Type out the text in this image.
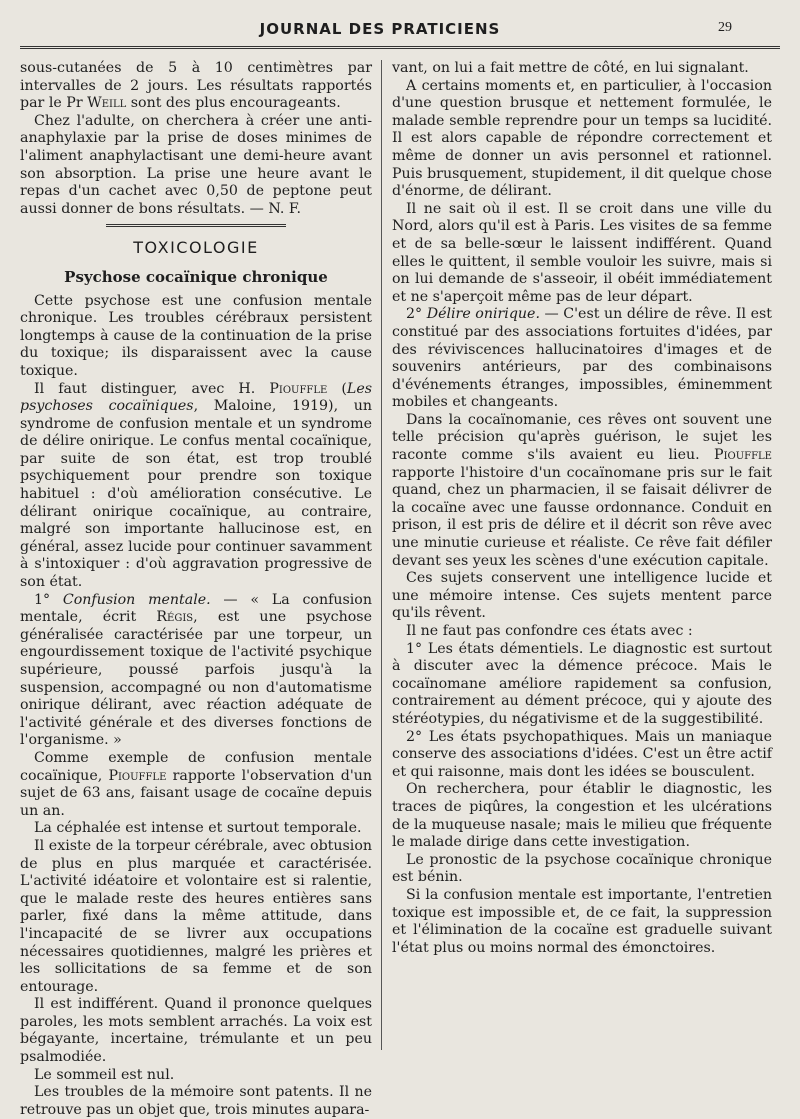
JOURNAL DES PRATICIENS	29

sous-cutanées de 5 à 10 centimètres par intervalles de 2 jours. Les résultats rapportés par le Pr Weill sont des plus encourageants.

Chez l'adulte, on cherchera à créer une anti-anaphylaxie par la prise de doses minimes de l'aliment anaphylactisant une demi-heure avant son absorption. La prise une heure avant le repas d'un cachet avec 0,50 de peptone peut aussi donner de bons résultats. — N. F.

TOXICOLOGIE

Psychose cocaïnique chronique

Cette psychose est une confusion mentale chronique. Les troubles cérébraux persistent longtemps à cause de la continuation de la prise du toxique; ils disparaissent avec la cause toxique.

Il faut distinguer, avec H. Piouffle (Les psychoses cocaïniques, Maloine, 1919), un syndrome de confusion mentale et un syndrome de délire onirique. Le confus mental cocaïnique, par suite de son état, est trop troublé psychiquement pour prendre son toxique habituel : d'où amélioration consécutive. Le délirant onirique cocaïnique, au contraire, malgré son importante hallucinose est, en général, assez lucide pour continuer savamment à s'intoxiquer : d'où aggravation progressive de son état.

1° Confusion mentale. — « La confusion mentale, écrit Régis, est une psychose généralisée caractérisée par une torpeur, un engourdissement toxique de l'activité psychique supérieure, poussé parfois jusqu'à la suspension, accompagné ou non d'automatisme onirique délirant, avec réaction adéquate de l'activité générale et des diverses fonctions de l'organisme. »

Comme exemple de confusion mentale cocaïnique, Piouffle rapporte l'observation d'un sujet de 63 ans, faisant usage de cocaïne depuis un an.

La céphalée est intense et surtout temporale.

Il existe de la torpeur cérébrale, avec obtusion de plus en plus marquée et caractérisée. L'activité idéatoire et volontaire est si ralentie, que le malade reste des heures entières sans parler, fixé dans la même attitude, dans l'incapacité de se livrer aux occupations nécessaires quotidiennes, malgré les prières et les sollicitations de sa femme et de son entourage.

Il est indifférent. Quand il prononce quelques paroles, les mots semblent arrachés. La voix est bégayante, incertaine, trémulante et un peu psalmodiée.

Le sommeil est nul.

Les troubles de la mémoire sont patents. Il ne retrouve pas un objet que, trois minutes aupara-

vant, on lui a fait mettre de côté, en lui signalant.

A certains moments et, en particulier, à l'occasion d'une question brusque et nettement formulée, le malade semble reprendre pour un temps sa lucidité. Il est alors capable de répondre correctement et même de donner un avis personnel et rationnel. Puis brusquement, stupidement, il dit quelque chose d'énorme, de délirant.

Il ne sait où il est. Il se croit dans une ville du Nord, alors qu'il est à Paris. Les visites de sa femme et de sa belle-sœur le laissent indifférent. Quand elles le quittent, il semble vouloir les suivre, mais si on lui demande de s'asseoir, il obéit immédiatement et ne s'aperçoit même pas de leur départ.

2° Délire onirique. — C'est un délire de rêve. Il est constitué par des associations fortuites d'idées, par des réviviscences hallucinatoires d'images et de souvenirs antérieurs, par des combinaisons d'événements étranges, impossibles, éminemment mobiles et changeants.

Dans la cocaïnomanie, ces rêves ont souvent une telle précision qu'après guérison, le sujet les raconte comme s'ils avaient eu lieu. Piouffle rapporte l'histoire d'un cocaïnomane pris sur le fait quand, chez un pharmacien, il se faisait délivrer de la cocaïne avec une fausse ordonnance. Conduit en prison, il est pris de délire et il décrit son rêve avec une minutie curieuse et réaliste. Ce rêve fait défiler devant ses yeux les scènes d'une exécution capitale.

Ces sujets conservent une intelligence lucide et une mémoire intense. Ces sujets mentent parce qu'ils rêvent.

Il ne faut pas confondre ces états avec :

1° Les états démentiels. Le diagnostic est surtout à discuter avec la démence précoce. Mais le cocaïnomane améliore rapidement sa confusion, contrairement au dément précoce, qui y ajoute des stéréotypies, du négativisme et de la suggestibilité.

2° Les états psychopathiques. Mais un maniaque conserve des associations d'idées. C'est un être actif et qui raisonne, mais dont les idées se bousculent.

On recherchera, pour établir le diagnostic, les traces de piqûres, la congestion et les ulcérations de la muqueuse nasale; mais le milieu que fréquente le malade dirige dans cette investigation.

Le pronostic de la psychose cocaïnique chronique est bénin.

Si la confusion mentale est importante, l'entretien toxique est impossible et, de ce fait, la suppression et l'élimination de la cocaïne est graduelle suivant l'état plus ou moins normal des émonctoires.
